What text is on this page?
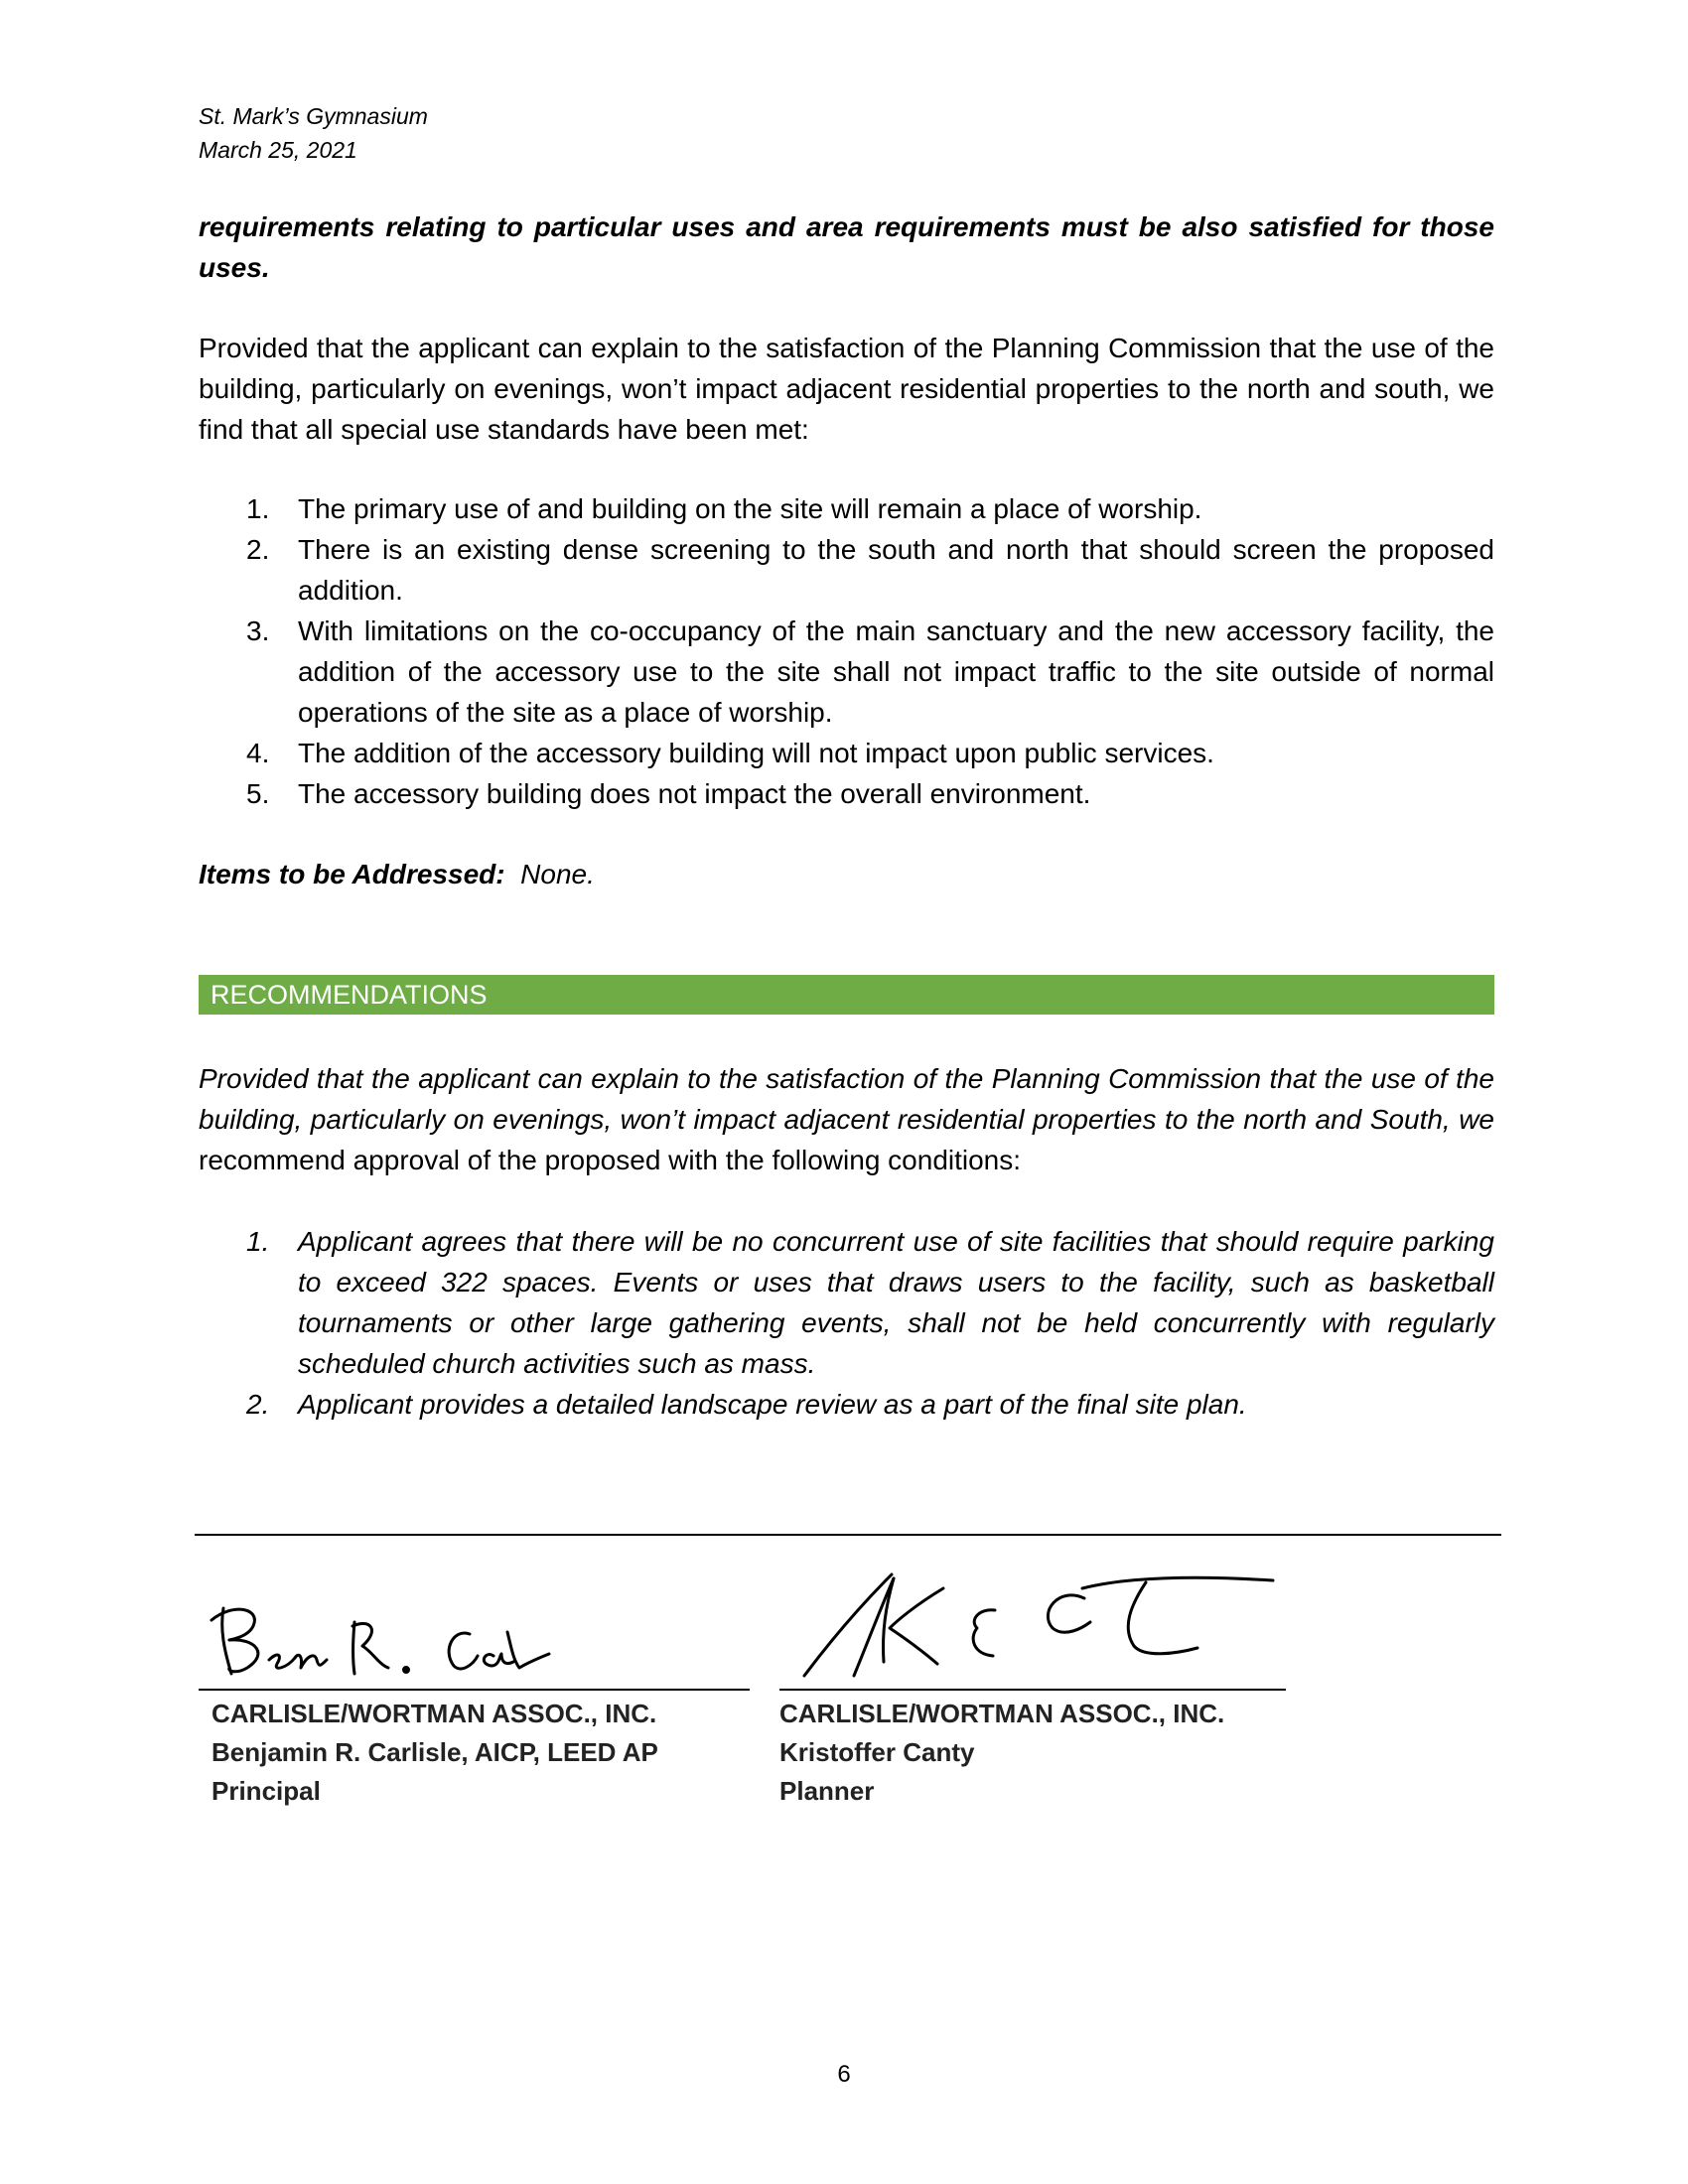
St. Mark’s Gymnasium
March 25, 2021
requirements relating to particular uses and area requirements must be also satisfied for those uses.
Provided that the applicant can explain to the satisfaction of the Planning Commission that the use of the building, particularly on evenings, won’t impact adjacent residential properties to the north and south, we find that all special use standards have been met:
1. The primary use of and building on the site will remain a place of worship.
2. There is an existing dense screening to the south and north that should screen the proposed addition.
3. With limitations on the co-occupancy of the main sanctuary and the new accessory facility, the addition of the accessory use to the site shall not impact traffic to the site outside of normal operations of the site as a place of worship.
4. The addition of the accessory building will not impact upon public services.
5. The accessory building does not impact the overall environment.
Items to be Addressed: None.
RECOMMENDATIONS
Provided that the applicant can explain to the satisfaction of the Planning Commission that the use of the building, particularly on evenings, won’t impact adjacent residential properties to the north and South, we recommend approval of the proposed with the following conditions:
1. Applicant agrees that there will be no concurrent use of site facilities that should require parking to exceed 322 spaces. Events or uses that draws users to the facility, such as basketball tournaments or other large gathering events, shall not be held concurrently with regularly scheduled church activities such as mass.
2. Applicant provides a detailed landscape review as a part of the final site plan.
CARLISLE/WORTMAN ASSOC., INC.
Benjamin R. Carlisle, AICP, LEED AP
Principal
CARLISLE/WORTMAN ASSOC., INC.
Kristoffer Canty
Planner
6
